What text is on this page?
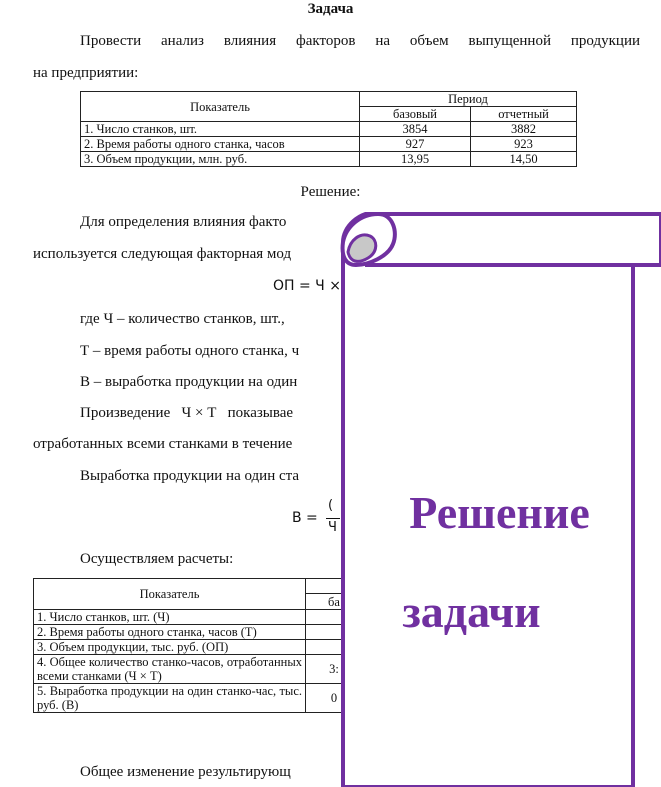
Задача
Провести анализ влияния факторов на объем выпущенной продукции
на предприятии:
Показатель	Период	
	базовый	отчетный
1. Число станков, шт.	3854	3882
2. Время работы одного станка, часов	927	923
3. Объем продукции, млн. руб.	13,95	14,50
Решение:
Для определения влияния факто
используется следующая факторная мод
ОП = Ч ×
где Ч – количество станков, шт.,
Т – время работы одного станка, ч
В – выработка продукции на один
Произведение   Ч × Т   показывае
отработанных всеми станками в течение
Выработка продукции на один ста
В =
(
Ч
Осуществляем расчеты:
Показатель	
	ба
1. Число станков, шт. (Ч)	
2. Время работы одного станка, часов (Т)	
3. Объем продукции, тыс. руб. (ОП)	
4. Общее количество станко-часов, отработанных всеми станками (Ч × Т)	3:
5. Выработка продукции на один станко-час, тыс. руб. (В)	0
Общее изменение результирующ
Решение
задачи
